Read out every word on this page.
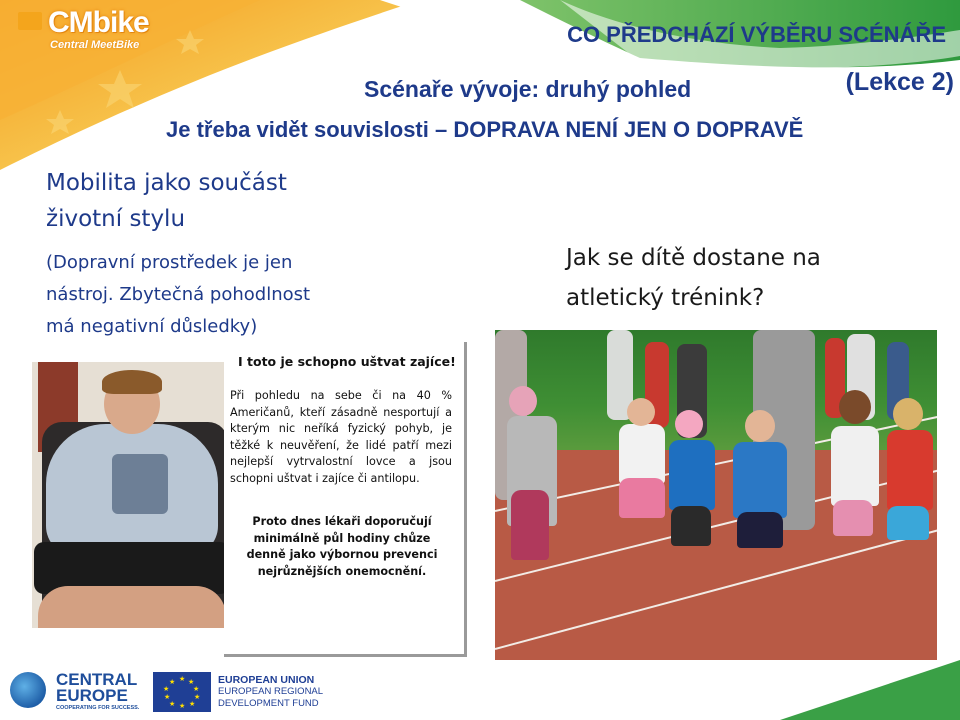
CMbike
Central MeetBike	CO PŘEDCHÁZÍ VÝBĚRU SCÉNÁŘE
Scénaře vývoje: druhý pohled	(Lekce 2)
Je třeba vidět souvislosti – DOPRAVA NENÍ JEN O DOPRAVĚ
Mobilita jako součást
životní stylu
(Dopravní prostředek je jen
nástroj. Zbytečná pohodlnost
má negativní důsledky)
Jak se dítě dostane na
atletický trénink?
I toto je schopno uštvat zajíce!
Při pohledu na sebe či na 40 % Američanů, kteří zásadně nesportují a kterým nic neříká fyzický pohyb, je těžké k neuvěření, že lidé patří mezi nejlepší vytrvalostní lovce a jsou schopni uštvat i zajíce či antilopu.
Proto dnes lékaři doporučují minimálně půl hodiny chůze denně jako výbornou prevenci nejrůznějších onemocnění.
CENTRAL
EUROPE
COOPERATING FOR SUCCESS.
★ ★
★
★
★
★
★
★
★
★	EUROPEAN UNION
EUROPEAN REGIONAL
DEVELOPMENT FUND
